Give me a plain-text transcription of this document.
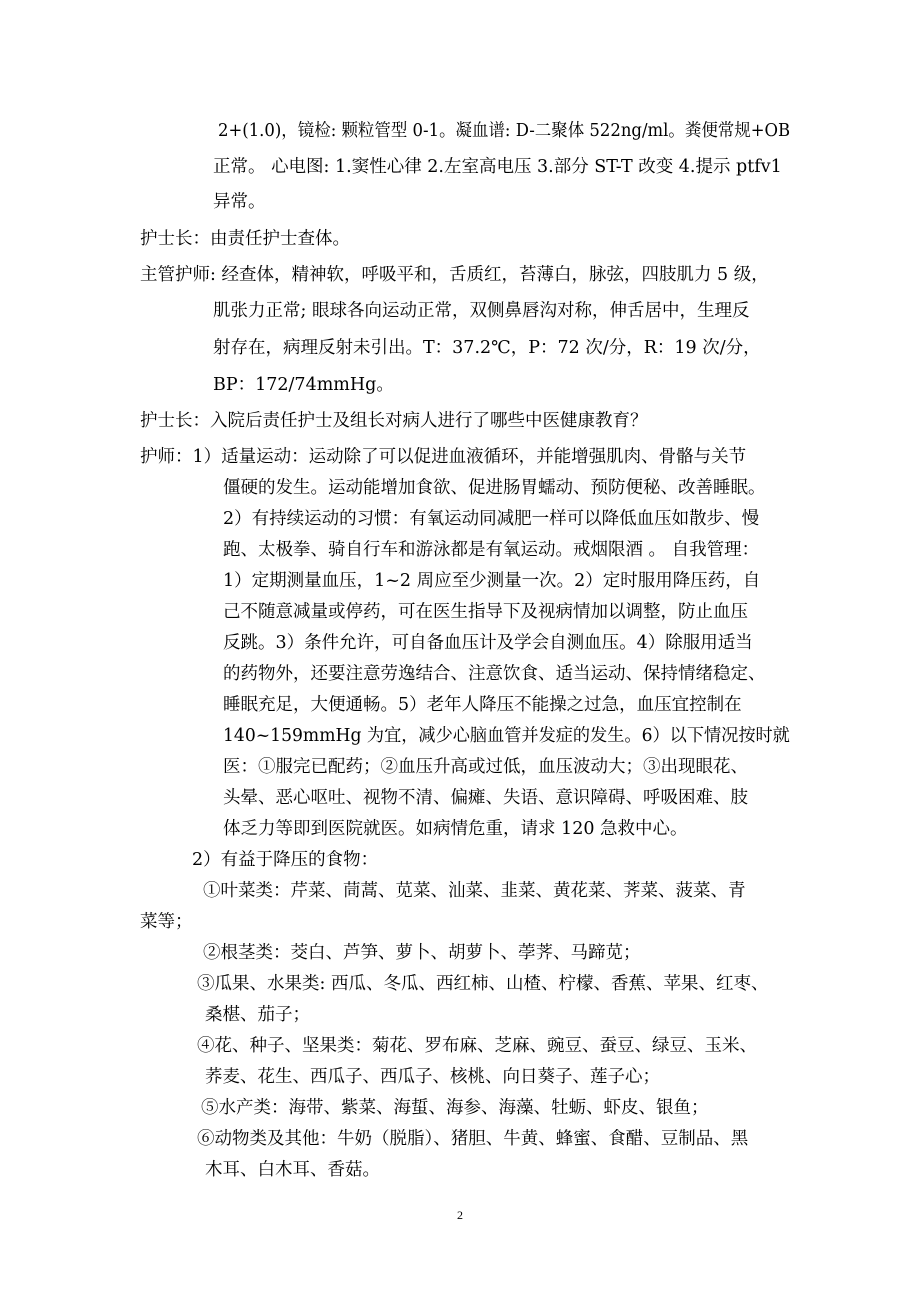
2+(1.0)，镜检: 颗粒管型 0-1。凝血谱: D-二聚体 522ng/ml。粪便常规+OB
正常。 心电图: 1.窦性心律 2.左室高电压 3.部分 ST-T 改变 4.提示 ptfv1
异常。
护士长：由责任护士查体。
主管护师: 经查体，精神软，呼吸平和，舌质红，苔薄白，脉弦，四肢肌力 5 级，
肌张力正常; 眼球各向运动正常，双侧鼻唇沟对称，伸舌居中，生理反
射存在，病理反射未引出。T：37.2℃，P：72 次/分，R：19 次/分，
BP：172/74mmHg。
护士长：入院后责任护士及组长对病人进行了哪些中医健康教育？
护师：1）适量运动：运动除了可以促进血液循环，并能增强肌肉、骨骼与关节
僵硬的发生。运动能增加食欲、促进肠胃蠕动、预防便秘、改善睡眠。
2）有持续运动的习惯：有氧运动同减肥一样可以降低血压如散步、慢
跑、太极拳、骑自行车和游泳都是有氧运动。戒烟限酒 。 自我管理：
1）定期测量血压，1~2 周应至少测量一次。2）定时服用降压药，自
己不随意减量或停药，可在医生指导下及视病情加以调整，防止血压
反跳。3）条件允许，可自备血压计及学会自测血压。4）除服用适当
的药物外，还要注意劳逸结合、注意饮食、适当运动、保持情绪稳定、
睡眠充足，大便通畅。5）老年人降压不能操之过急，血压宜控制在
140~159mmHg 为宜，减少心脑血管并发症的发生。6）以下情况按时就
医：①服完已配药；②血压升高或过低，血压波动大；③出现眼花、
头晕、恶心呕吐、视物不清、偏瘫、失语、意识障碍、呼吸困难、肢
体乏力等即到医院就医。如病情危重，请求 120 急救中心。
2）有益于降压的食物：
①叶菜类：芹菜、茼蒿、苋菜、汕菜、韭菜、黄花菜、荠菜、菠菜、青
菜等；
②根茎类：茭白、芦笋、萝卜、胡萝卜、荸荠、马蹄苋；
③瓜果、水果类: 西瓜、冬瓜、西红柿、山楂、柠檬、香蕉、苹果、红枣、
桑椹、茄子；
④花、种子、坚果类：菊花、罗布麻、芝麻、豌豆、蚕豆、绿豆、玉米、
荞麦、花生、西瓜子、西瓜子、核桃、向日葵子、莲子心；
⑤水产类：海带、紫菜、海蜇、海参、海藻、牡蛎、虾皮、银鱼；
⑥动物类及其他：牛奶（脱脂）、猪胆、牛黄、蜂蜜、食醋、豆制品、黑
木耳、白木耳、香菇。
2
